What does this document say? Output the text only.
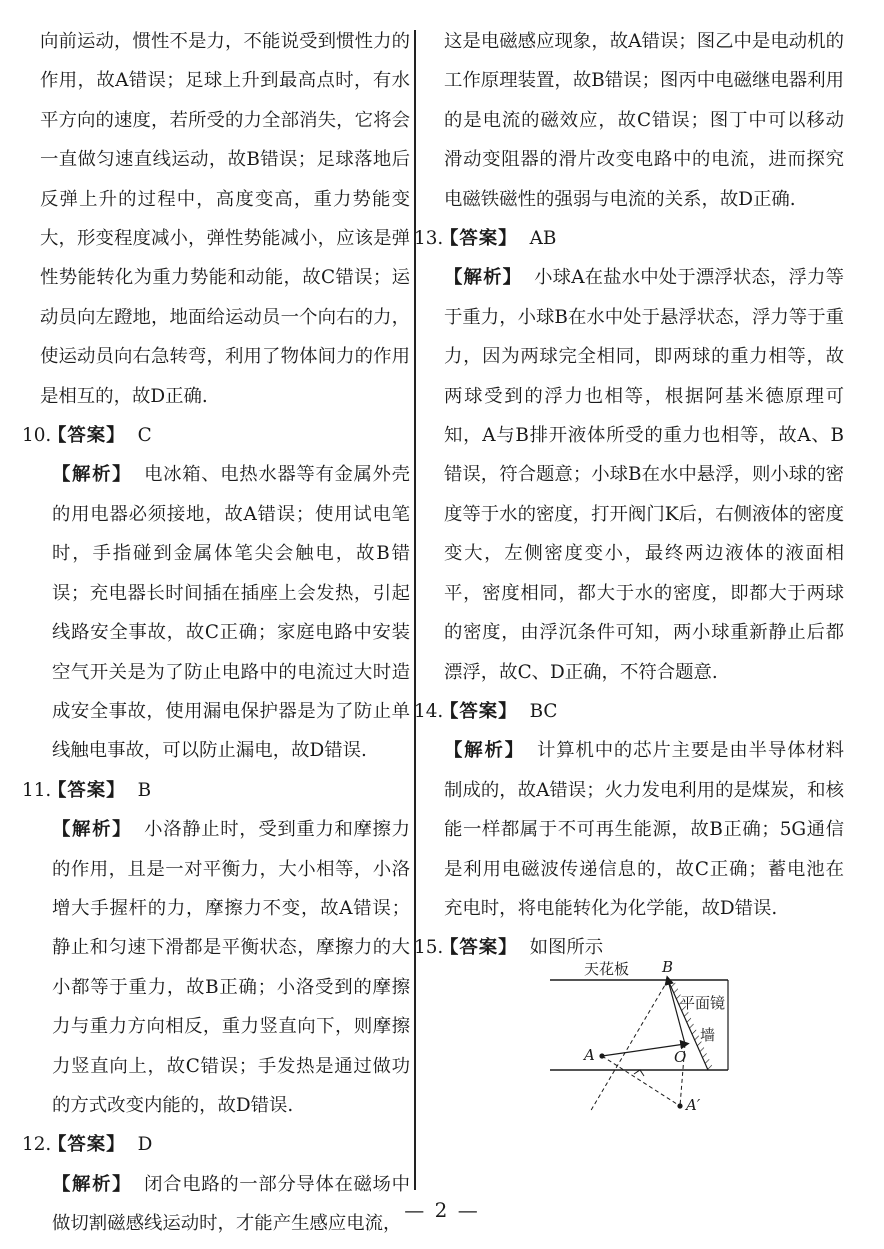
向前运动，惯性不是力，不能说受到惯性力的作用，故A错误；足球上升到最高点时，有水平方向的速度，若所受的力全部消失，它将会一直做匀速直线运动，故B错误；足球落地后反弹上升的过程中，高度变高，重力势能变大，形变程度减小，弹性势能减小，应该是弹性势能转化为重力势能和动能，故C错误；运动员向左蹬地，地面给运动员一个向右的力，使运动员向右急转弯，利用了物体间力的作用是相互的，故D正确.

10.
【答案】 C

【解析】 电冰箱、电热水器等有金属外壳的用电器必须接地，故A错误；使用试电笔时，手指碰到金属体笔尖会触电，故B错误；充电器长时间插在插座上会发热，引起线路安全事故，故C正确；家庭电路中安装空气开关是为了防止电路中的电流过大时造成安全事故，使用漏电保护器是为了防止单线触电事故，可以防止漏电，故D错误.

11.
【答案】 B

【解析】 小洛静止时，受到重力和摩擦力的作用，且是一对平衡力，大小相等，小洛增大手握杆的力，摩擦力不变，故A错误；静止和匀速下滑都是平衡状态，摩擦力的大小都等于重力，故B正确；小洛受到的摩擦力与重力方向相反，重力竖直向下，则摩擦力竖直向上，故C错误；手发热是通过做功的方式改变内能的，故D错误.

12.
【答案】 D

【解析】 闭合电路的一部分导体在磁场中做切割磁感线运动时，才能产生感应电流，

这是电磁感应现象，故A错误；图乙中是电动机的工作原理装置，故B错误；图丙中电磁继电器利用的是电流的磁效应，故C错误；图丁中可以移动滑动变阻器的滑片改变电路中的电流，进而探究电磁铁磁性的强弱与电流的关系，故D正确.

13.
【答案】 AB

【解析】 小球A在盐水中处于漂浮状态，浮力等于重力，小球B在水中处于悬浮状态，浮力等于重力，因为两球完全相同，即两球的重力相等，故两球受到的浮力也相等，根据阿基米德原理可知，A与B排开液体所受的重力也相等，故A、B错误，符合题意；小球B在水中悬浮，则小球的密度等于水的密度，打开阀门K后，右侧液体的密度变大，左侧密度变小，最终两边液体的液面相平，密度相同，都大于水的密度，即都大于两球的密度，由浮沉条件可知，两小球重新静止后都漂浮，故C、D正确，不符合题意.

14.
【答案】 BC

【解析】 计算机中的芯片主要是由半导体材料制成的，故A错误；火力发电利用的是煤炭，和核能一样都属于不可再生能源，故B正确；5G通信是利用电磁波传递信息的，故C正确；蓄电池在充电时，将电能转化为化学能，故D错误.

15.
【答案】 如图所示

天花板 B
平面镜
墙
A	O
A′
— 2 —
